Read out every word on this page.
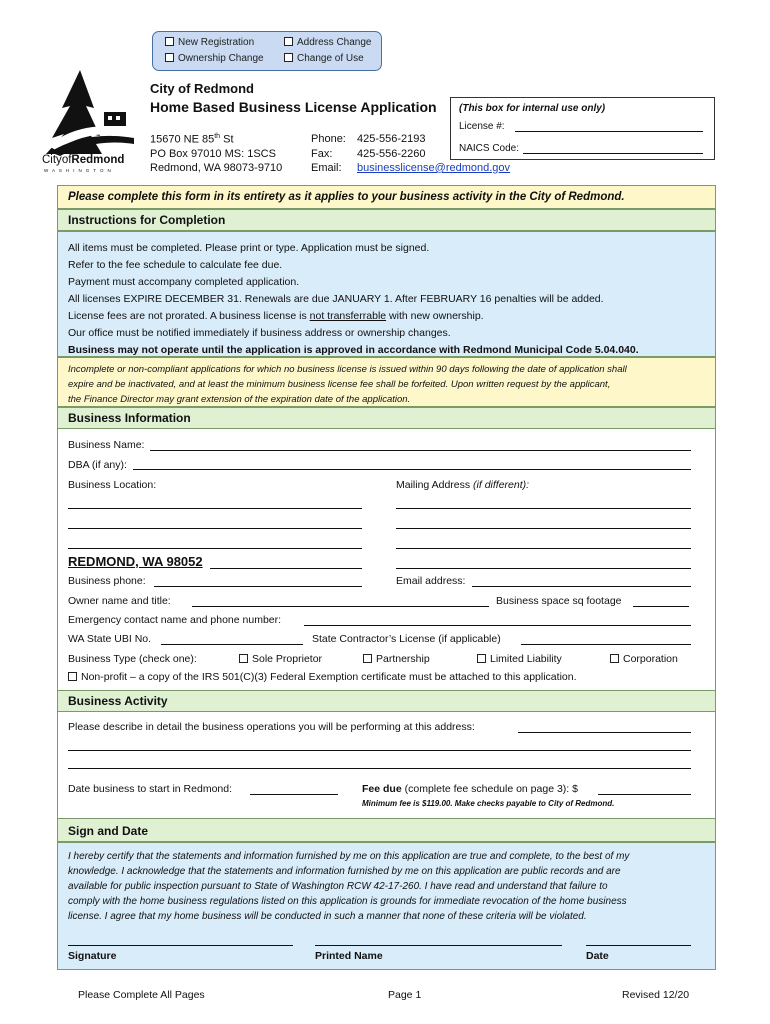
New Registration	Address Change
Ownership Change	Change of Use
CityofRedmond
W A S H I N G T O N
City of Redmond
Home Based Business License Application
15670 NE 85th St
PO Box 97010 MS: 1SCS
Redmond, WA 98073-9710
Phone: 425-556-2193
Fax: 425-556-2260
Email: businesslicense@redmond.gov
(This box for internal use only)
License #:
NAICS Code:
Please complete this form in its entirety as it applies to your business activity in the City of Redmond.
Instructions for Completion
All items must be completed. Please print or type. Application must be signed.
Refer to the fee schedule to calculate fee due.
Payment must accompany completed application.
All licenses EXPIRE DECEMBER 31. Renewals are due JANUARY 1. After FEBRUARY 16 penalties will be added.
License fees are not prorated. A business license is not transferrable with new ownership.
Our office must be notified immediately if business address or ownership changes.
Business may not operate until the application is approved in accordance with Redmond Municipal Code 5.04.040.
Incomplete or non-compliant applications for which no business license is issued within 90 days following the date of application shall
expire and be inactivated, and at least the minimum business license fee shall be forfeited. Upon written request by the applicant,
the Finance Director may grant extension of the expiration date of the application.
Business Information
Business Name:
DBA (if any):
Business Location:	Mailing Address (if different):
REDMOND, WA 98052
Business phone:	Email address:
Owner name and title:	Business space sq footage
Emergency contact name and phone number:
WA State UBI No.	State Contractor’s License (if applicable)
Business Type (check one):	Sole Proprietor	Partnership	Limited Liability	Corporation
Non-profit – a copy of the IRS 501(C)(3) Federal Exemption certificate must be attached to this application.
Business Activity
Please describe in detail the business operations you will be performing at this address:
Date business to start in Redmond:	Fee due (complete fee schedule on page 3): $
Minimum fee is $119.00. Make checks payable to City of Redmond.
Sign and Date
I hereby certify that the statements and information furnished by me on this application are true and complete, to the best of my
knowledge. I acknowledge that the statements and information furnished by me on this application are public records and are
available for public inspection pursuant to State of Washington RCW 42-17-260. I have read and understand that failure to
comply with the home business regulations listed on this application is grounds for immediate revocation of the home business
license. I agree that my home business will be conducted in such a manner that none of these criteria will be violated.
Signature	Printed Name	Date
Please Complete All Pages	Page 1	Revised 12/20
